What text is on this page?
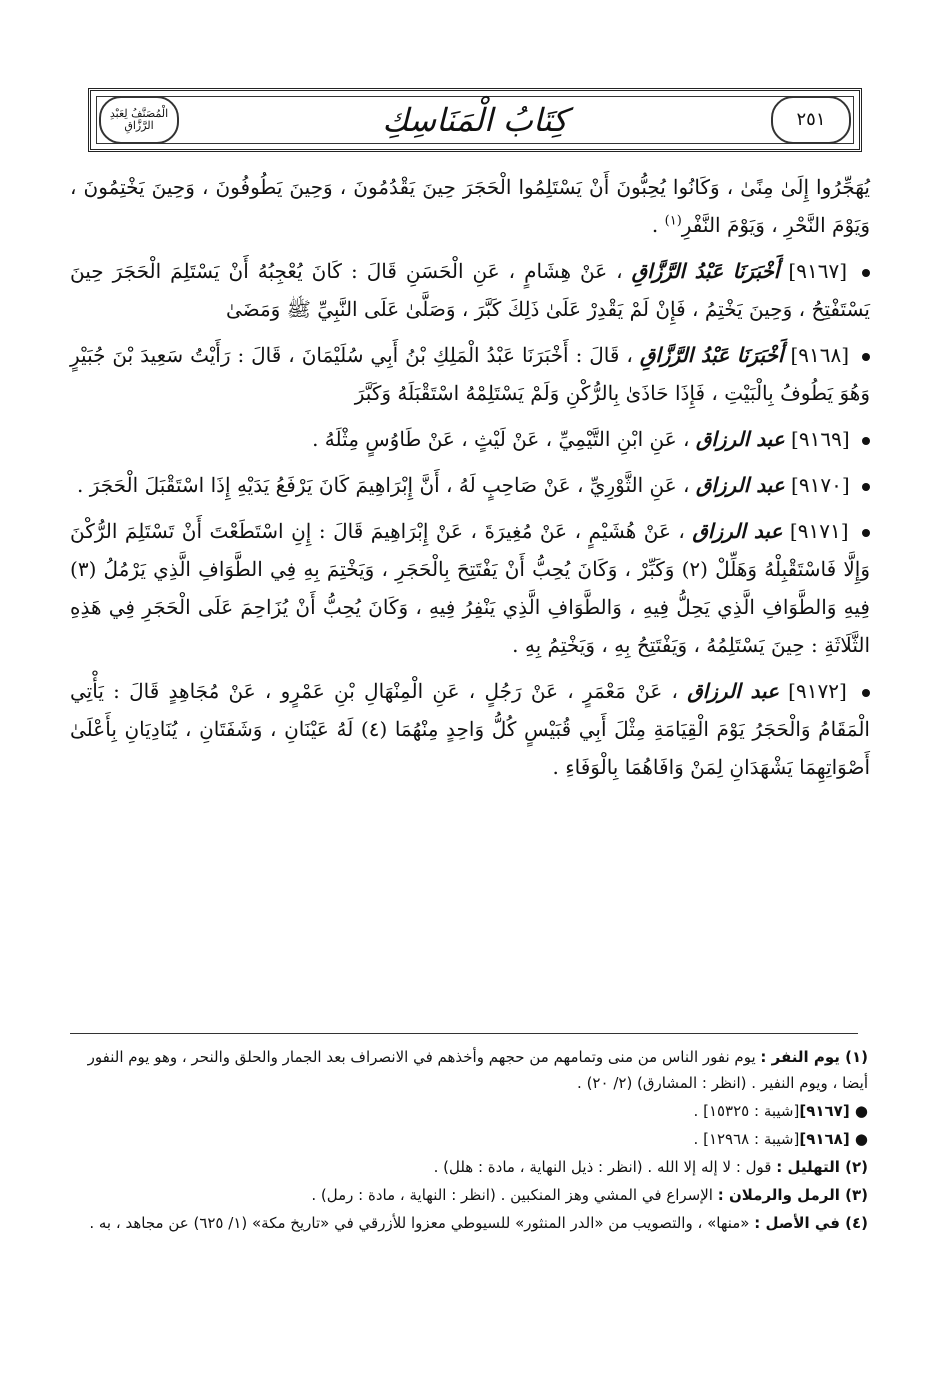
٢٥١
كِتَابُ الْمَنَاسِكِ
الْمُصَنَّفُ لِعَبْدِ الرَّزَّاقِ

يُهَجِّرُوا إِلَىٰ مِنًىٰ ، وَكَانُوا يُحِبُّونَ أَنْ يَسْتَلِمُوا الْحَجَرَ حِينَ يَقْدُمُونَ ، وَحِينَ يَطُوفُونَ ، وَحِينَ يَخْتِمُونَ ، وَيَوْمَ النَّحْرِ ، وَيَوْمَ النَّفْرِ$^{(١)}$ .

[٩١٦٧] أَخْبَرَنَا عَبْدُ الرَّزَّاقِ ، عَنْ هِشَامٍ ، عَنِ الْحَسَنِ قَالَ : كَانَ يُعْجِبُهُ أَنْ يَسْتَلِمَ الْحَجَرَ حِينَ يَسْتَفْتِحُ ، وَحِينَ يَخْتِمُ ، فَإِنْ لَمْ يَقْدِرْ عَلَىٰ ذَلِكَ كَبَّرَ ، وَصَلَّىٰ عَلَى النَّبِيِّ ﷺ وَمَضَىٰ

[٩١٦٨] أَخْبَرَنَا عَبْدُ الرَّزَّاقِ ، قَالَ : أَخْبَرَنَا عَبْدُ الْمَلِكِ بْنُ أَبِي سُلَيْمَانَ ، قَالَ : رَأَيْتُ سَعِيدَ بْنَ جُبَيْرٍ وَهُوَ يَطُوفُ بِالْبَيْتِ ، فَإِذَا حَاذَىٰ بِالرُّكْنِ وَلَمْ يَسْتَلِمْهُ اسْتَقْبَلَهُ وَكَبَّرَ

[٩١٦٩] عبد الرزاق ، عَنِ ابْنِ التَّيْمِيِّ ، عَنْ لَيْثٍ ، عَنْ طَاوُسٍ مِثْلَهُ .

[٩١٧٠] عبد الرزاق ، عَنِ الثَّوْرِيِّ ، عَنْ صَاحِبٍ لَهُ ، أَنَّ إِبْرَاهِيمَ كَانَ يَرْفَعُ يَدَيْهِ إِذَا اسْتَقْبَلَ الْحَجَرَ .

[٩١٧١] عبد الرزاق ، عَنْ هُشَيْمٍ ، عَنْ مُغِيرَةَ ، عَنْ إِبْرَاهِيمَ قَالَ : إِنِ اسْتَطَعْتَ أَنْ تَسْتَلِمَ الرُّكْنَ وَإِلَّا فَاسْتَقْبِلْهُ وَهَلِّلْ (٢) وَكَبِّرْ ، وَكَانَ يُحِبُّ أَنْ يَفْتَتِحَ بِالْحَجَرِ ، وَيَخْتِمَ بِهِ فِي الطَّوَافِ الَّذِي يَرْمُلُ (٣) فِيهِ وَالطَّوَافِ الَّذِي يَحِلُّ فِيهِ ، وَالطَّوَافِ الَّذِي يَنْفِرُ فِيهِ ، وَكَانَ يُحِبُّ أَنْ يُزَاحِمَ عَلَى الْحَجَرِ فِي هَذِهِ الثَّلَاثَةِ : حِينَ يَسْتَلِمُهُ ، وَيَفْتَتِحُ بِهِ ، وَيَخْتِمُ بِهِ .

[٩١٧٢] عبد الرزاق ، عَنْ مَعْمَرٍ ، عَنْ رَجُلٍ ، عَنِ الْمِنْهَالِ بْنِ عَمْرٍو ، عَنْ مُجَاهِدٍ قَالَ : يَأْتِي الْمَقَامُ وَالْحَجَرُ يَوْمَ الْقِيَامَةِ مِثْلَ أَبِي قُبَيْسٍ كُلُّ وَاحِدٍ مِنْهُمَا (٤) لَهُ عَيْنَانِ ، وَشَفَتَانِ ، يُنَادِيَانِ بِأَعْلَىٰ أَصْوَاتِهِمَا يَشْهَدَانِ لِمَنْ وَافَاهُمَا بِالْوَفَاءِ .

(١) يوم النفر : يوم نفور الناس من منى وتمامهم من حجهم وأخذهم في الانصراف بعد الجمار والحلق والنحر ، وهو يوم النفور أيضا ، ويوم النفير . (انظر : المشارق) (٢/ ٢٠) .

● [٩١٦٧][شيبة : ١٥٣٢٥] .

● [٩١٦٨][شيبة : ١٢٩٦٨] .

(٢) التهليل : قول : لا إله إلا الله . (انظر : ذيل النهاية ، مادة : هلل) .

(٣) الرمل والرملان : الإسراع في المشي وهز المنكبين . (انظر : النهاية ، مادة : رمل) .

(٤) في الأصل : «منها» ، والتصويب من «الدر المنثور» للسيوطي معزوا للأزرقي في «تاريخ مكة» (١/ ٦٢٥) عن مجاهد ، به .
